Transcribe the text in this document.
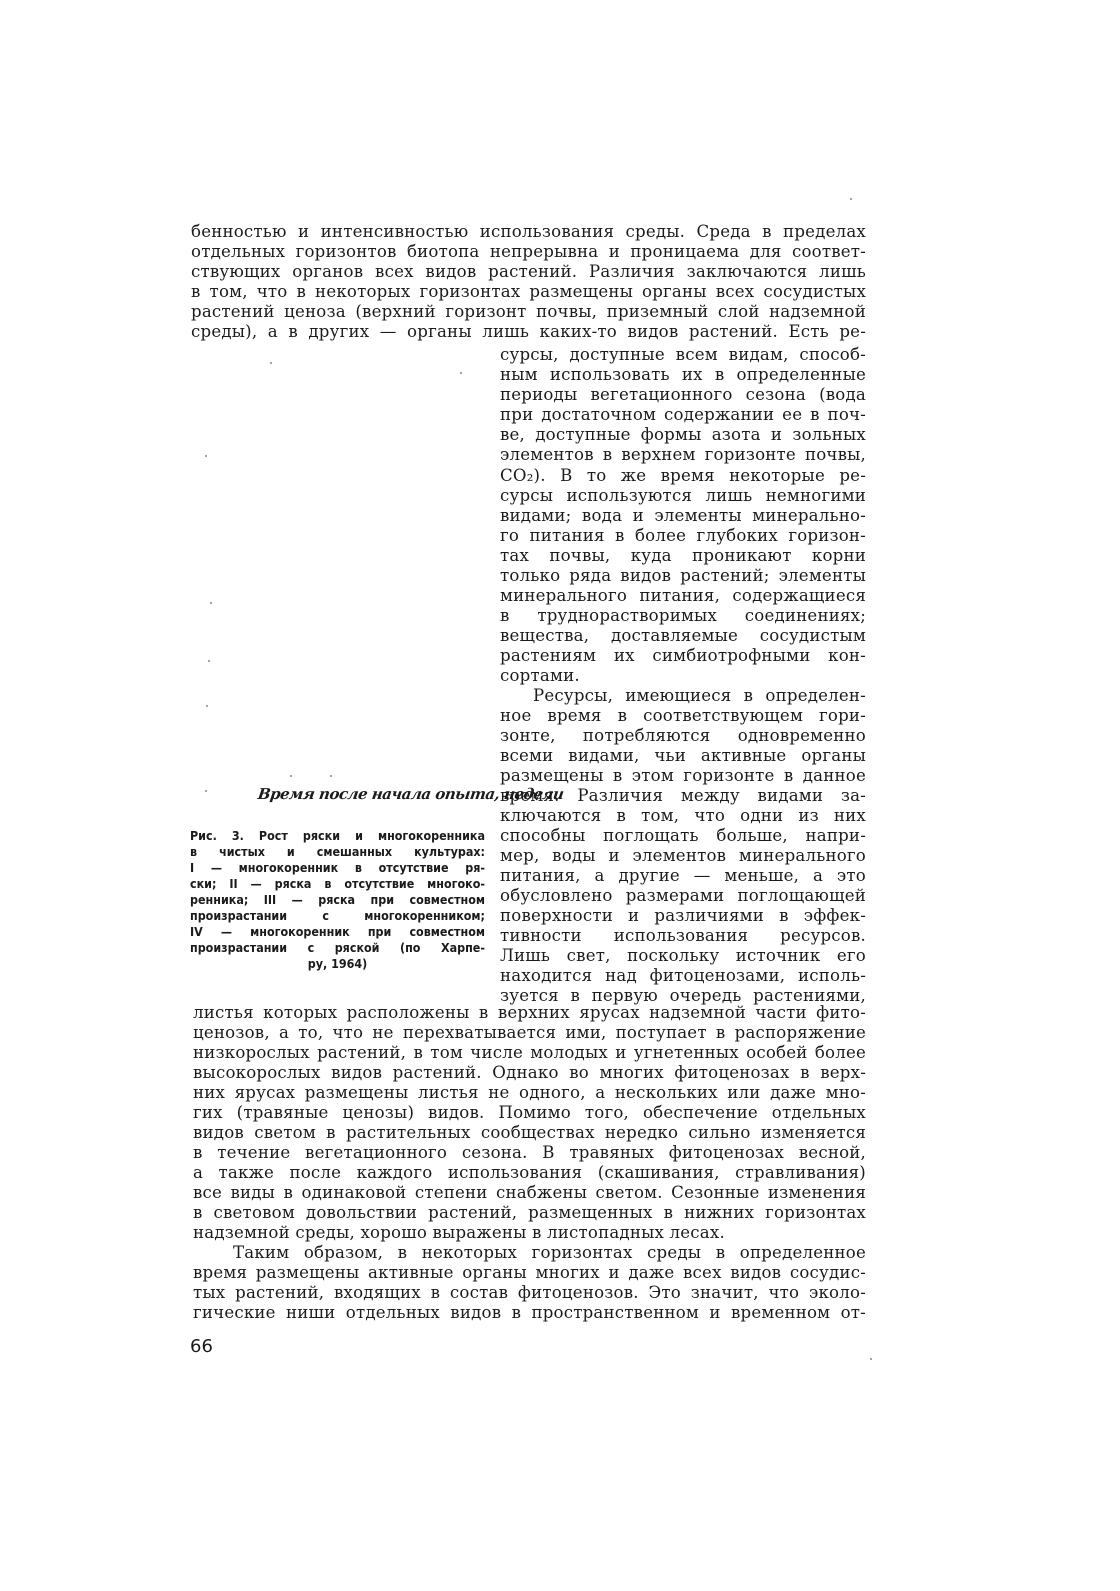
бенностью и интенсивностью использования среды. Среда в пределах
отдельных горизонтов биотопа непрерывна и проницаема для соответ-
ствующих органов всех видов растений. Различия заключаются лишь
в том, что в некоторых горизонтах размещены органы всех сосудистых
растений ценоза (верхний горизонт почвы, приземный слой надземной
среды), а в других — органы лишь каких-то видов растений. Есть ре-
сурсы, доступные всем видам, способ-
ным использовать их в определенные
периоды вегетационного сезона (вода
при достаточном содержании ее в поч-
ве, доступные формы азота и зольных
элементов в верхнем горизонте почвы,
CO₂). В то же время некоторые ре-
сурсы используются лишь немногими
видами; вода и элементы минерально-
го питания в более глубоких горизон-
тах почвы, куда проникают корни
только ряда видов растений; элементы
минерального питания, содержащиеся
в труднорастворимых соединениях;
вещества, доставляемые сосудистым
растениям их симбиотрофными кон-
сортами.
Ресурсы, имеющиеся в определен-
ное время в соответствующем гори-
зонте, потребляются одновременно
всеми видами, чьи активные органы
размещены в этом горизонте в данное
время. Различия между видами за-
ключаются в том, что одни из них
способны поглощать больше, напри-
мер, воды и элементов минерального
питания, а другие — меньше, а это
обусловлено размерами поглощающей
поверхности и различиями в эффек-
тивности использования ресурсов.
Лишь свет, поскольку источник его
находится над фитоценозами, исполь-
зуется в первую очередь растениями,
Время после начала опыта, недели
Рис. 3. Рост ряски и многокоренника
в чистых и смешанных культурах:
I — многокоренник в отсутствие ря-
ски; II — ряска в отсутствие многоко-
ренника; III — ряска при совместном
произрастании с многокоренником;
IV — многокоренник при совместном
произрастании с ряской (по Харпе-
ру, 1964)
листья которых расположены в верхних ярусах надземной части фито-
ценозов, а то, что не перехватывается ими, поступает в распоряжение
низкорослых растений, в том числе молодых и угнетенных особей более
высокорослых видов растений. Однако во многих фитоценозах в верх-
них ярусах размещены листья не одного, а нескольких или даже мно-
гих (травяные ценозы) видов. Помимо того, обеспечение отдельных
видов светом в растительных сообществах нередко сильно изменяется
в течение вегетационного сезона. В травяных фитоценозах весной,
а также после каждого использования (скашивания, стравливания)
все виды в одинаковой степени снабжены светом. Сезонные изменения
в световом довольствии растений, размещенных в нижних горизонтах
надземной среды, хорошо выражены в листопадных лесах.
Таким образом, в некоторых горизонтах среды в определенное
время размещены активные органы многих и даже всех видов сосудис-
тых растений, входящих в состав фитоценозов. Это значит, что эколо-
гические ниши отдельных видов в пространственном и временном от-
66
